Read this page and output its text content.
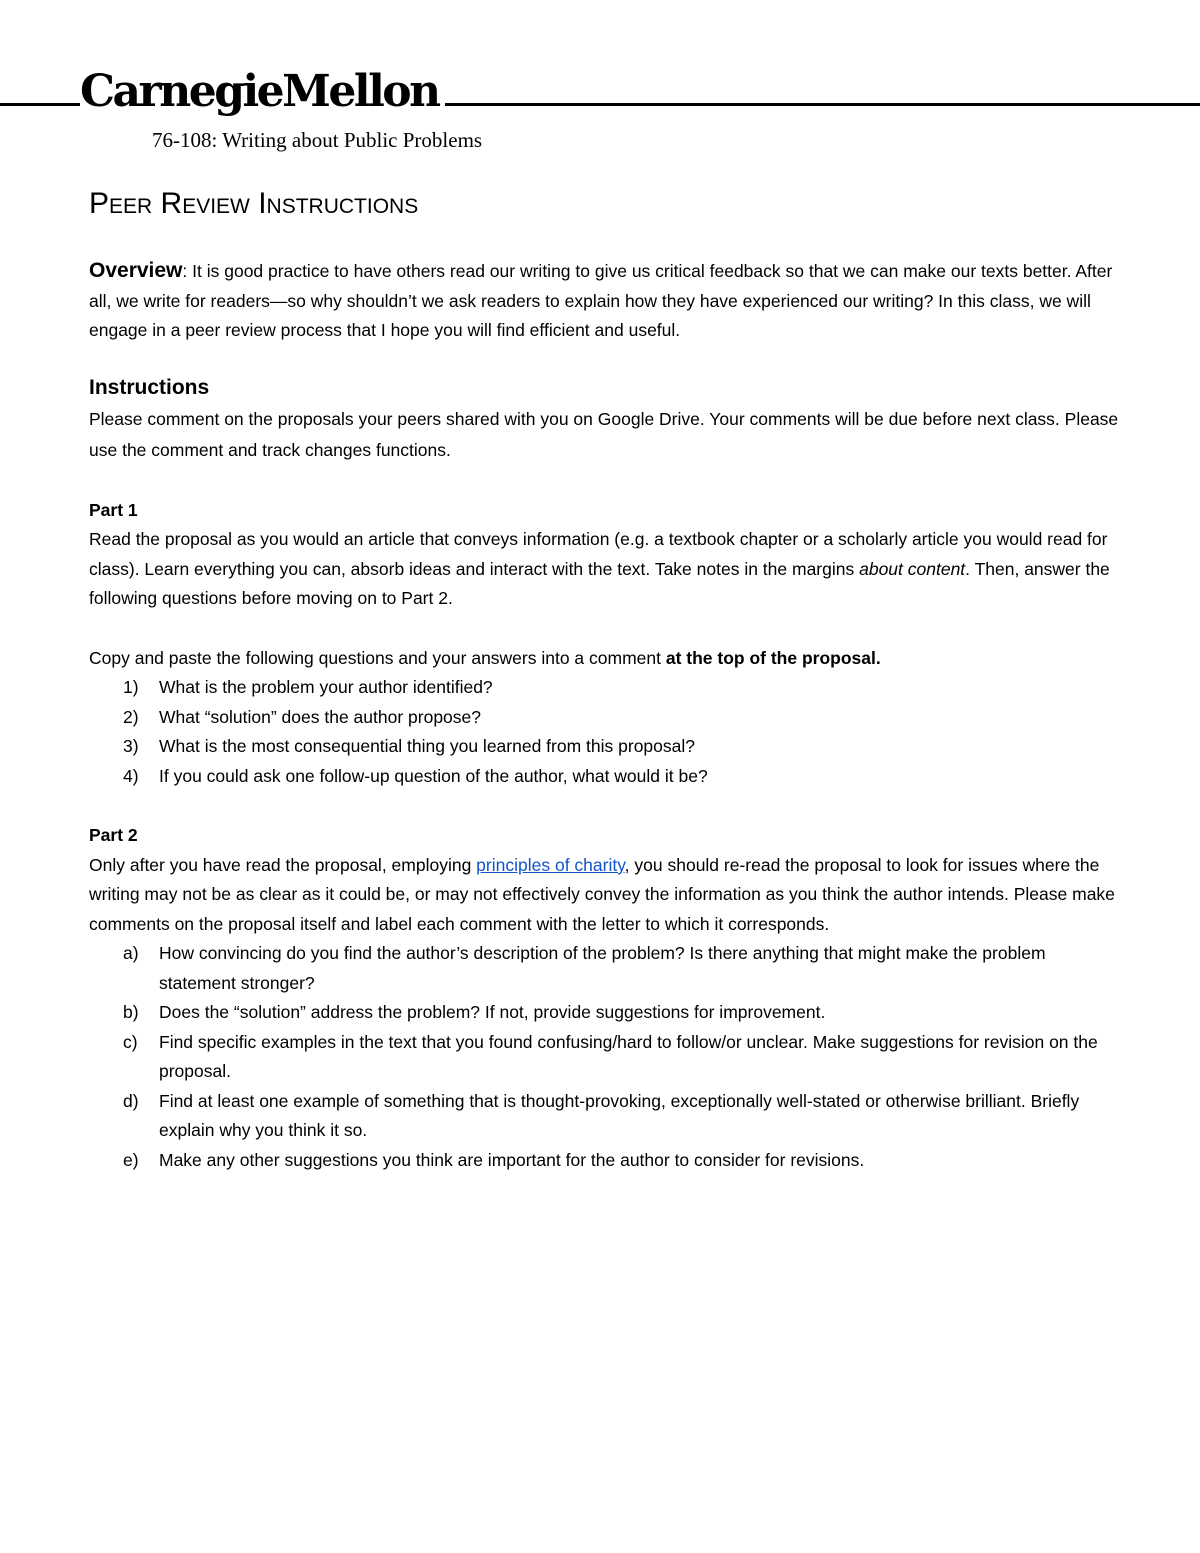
CarnegieMellon
76-108: Writing about Public Problems
Peer Review Instructions

Overview: It is good practice to have others read our writing to give us critical feedback so that we can make our texts better. After all, we write for readers—so why shouldn’t we ask readers to explain how they have experienced our writing? In this class, we will engage in a peer review process that I hope you will find efficient and useful.

Instructions

Please comment on the proposals your peers shared with you on Google Drive. Your comments will be due before next class. Please use the comment and track changes functions.

Part 1

Read the proposal as you would an article that conveys information (e.g. a textbook chapter or a scholarly article you would read for class). Learn everything you can, absorb ideas and interact with the text. Take notes in the margins about content. Then, answer the following questions before moving on to Part 2.

Copy and paste the following questions and your answers into a comment at the top of the proposal.

1) What is the problem your author identified?
2) What “solution” does the author propose?
3) What is the most consequential thing you learned from this proposal?
4) If you could ask one follow-up question of the author, what would it be?

Part 2

Only after you have read the proposal, employing principles of charity, you should re-read the proposal to look for issues where the writing may not be as clear as it could be, or may not effectively convey the information as you think the author intends. Please make comments on the proposal itself and label each comment with the letter to which it corresponds.

a) How convincing do you find the author’s description of the problem? Is there anything that might make the problem statement stronger?
b) Does the “solution” address the problem? If not, provide suggestions for improvement.
c) Find specific examples in the text that you found confusing/hard to follow/or unclear. Make suggestions for revision on the proposal.
d) Find at least one example of something that is thought-provoking, exceptionally well-stated or otherwise brilliant. Briefly explain why you think it so.
e) Make any other suggestions you think are important for the author to consider for revisions.
